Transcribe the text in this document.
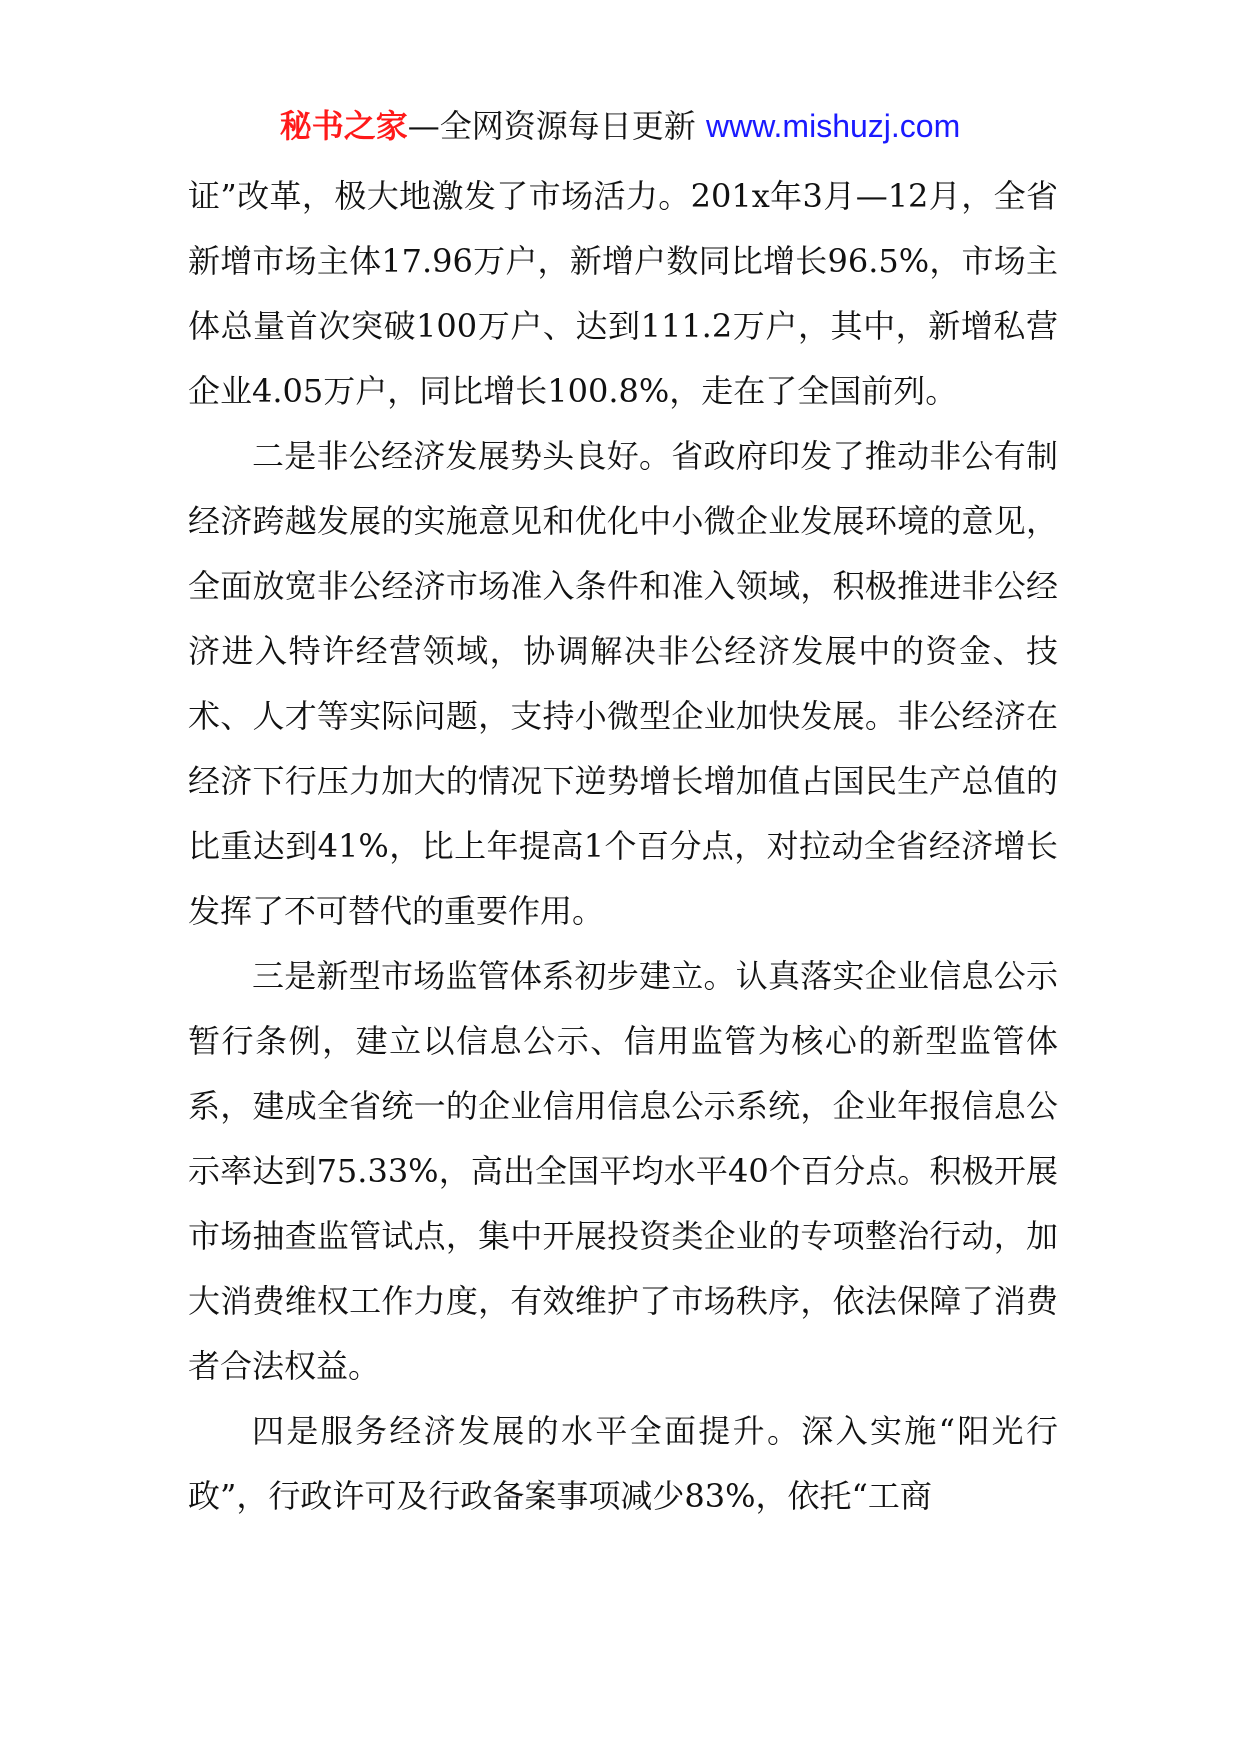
秘书之家—全网资源每日更新 www.mishuzj.com

证”改革，极大地激发了市场活力。201x年3月—12月，全省新增市场主体17.96万户，新增户数同比增长96.5%，市场主体总量首次突破100万户、达到111.2万户，其中，新增私营企业4.05万户，同比增长100.8%，走在了全国前列。

二是非公经济发展势头良好。省政府印发了推动非公有制经济跨越发展的实施意见和优化中小微企业发展环境的意见，全面放宽非公经济市场准入条件和准入领域，积极推进非公经济进入特许经营领域，协调解决非公经济发展中的资金、技术、人才等实际问题，支持小微型企业加快发展。非公经济在经济下行压力加大的情况下逆势增长增加值占国民生产总值的比重达到41%，比上年提高1个百分点，对拉动全省经济增长发挥了不可替代的重要作用。

三是新型市场监管体系初步建立。认真落实企业信息公示暂行条例，建立以信息公示、信用监管为核心的新型监管体系，建成全省统一的企业信用信息公示系统，企业年报信息公示率达到75.33%，高出全国平均水平40个百分点。积极开展市场抽查监管试点，集中开展投资类企业的专项整治行动，加大消费维权工作力度，有效维护了市场秩序，依法保障了消费者合法权益。

四是服务经济发展的水平全面提升。深入实施“阳光行政”，行政许可及行政备案事项减少83%，依托“工商
